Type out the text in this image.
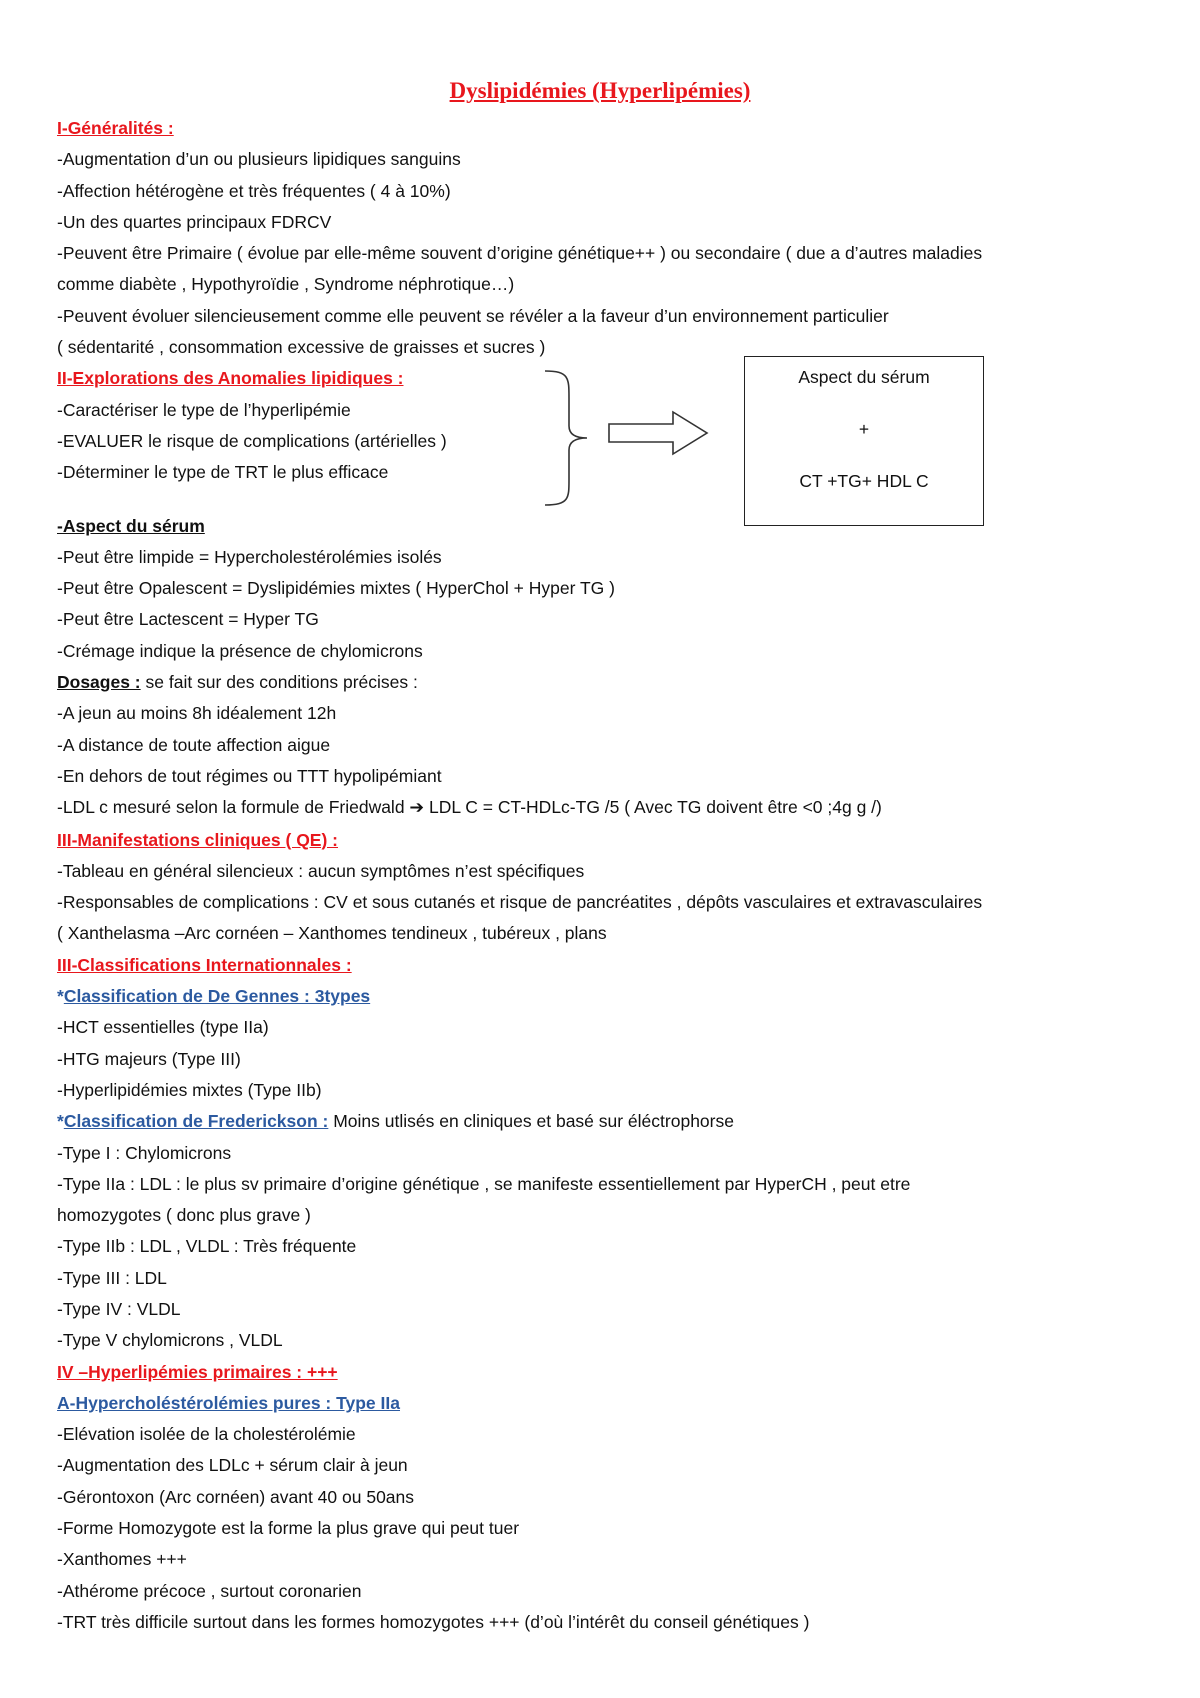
Dyslipidémies (Hyperlipémies)

I-Généralités :

-Augmentation d’un ou plusieurs lipidiques sanguins

-Affection hétérogène et très fréquentes ( 4 à 10%)

-Un des quartes principaux FDRCV

-Peuvent être Primaire ( évolue par elle-même souvent d’origine génétique++ ) ou secondaire ( due a d’autres maladies

comme diabète , Hypothyroïdie , Syndrome néphrotique…)

-Peuvent évoluer silencieusement comme elle peuvent se révéler a la faveur d’un environnement particulier

( sédentarité , consommation excessive de graisses et sucres )

II-Explorations des Anomalies lipidiques :

-Caractériser le type de l’hyperlipémie

-EVALUER le risque de complications (artérielles )

-Déterminer le type de TRT le plus efficace

-Aspect du sérum

-Peut être limpide = Hypercholestérolémies isolés

-Peut être Opalescent = Dyslipidémies mixtes ( HyperChol + Hyper TG )

-Peut être Lactescent = Hyper TG

-Crémage indique la présence de chylomicrons

Dosages : se fait sur des conditions précises :

-A jeun au moins 8h idéalement 12h

-A distance de toute affection aigue

-En dehors de tout régimes ou TTT hypolipémiant

-LDL c mesuré selon la formule de Friedwald ➔ LDL C = CT-HDLc-TG /5 ( Avec TG doivent être <0 ;4g g /)

III-Manifestations cliniques ( QE) :

-Tableau en général silencieux : aucun symptômes n’est spécifiques

-Responsables de complications : CV et sous cutanés et risque de pancréatites , dépôts vasculaires et extravasculaires

( Xanthelasma –Arc cornéen – Xanthomes tendineux , tubéreux , plans

III-Classifications Internationnales :

*Classification de De Gennes : 3types

-HCT essentielles (type IIa)

-HTG majeurs (Type III)

-Hyperlipidémies mixtes (Type IIb)

*Classification de Frederickson : Moins utlisés en cliniques et basé sur éléctrophorse

-Type I : Chylomicrons

-Type IIa : LDL : le plus sv primaire d’origine génétique , se manifeste essentiellement par HyperCH , peut etre

homozygotes ( donc plus grave )

-Type IIb : LDL , VLDL : Très fréquente

-Type III : LDL

-Type IV : VLDL

-Type V chylomicrons , VLDL

IV –Hyperlipémies primaires : +++

A-Hypercholéstérolémies pures : Type IIa

-Elévation isolée de la cholestérolémie

-Augmentation des LDLc + sérum clair à jeun

-Gérontoxon (Arc cornéen) avant 40 ou 50ans

-Forme Homozygote est la forme la plus grave qui peut tuer

-Xanthomes +++

-Athérome précoce , surtout coronarien

-TRT très difficile surtout dans les formes homozygotes +++ (d’où l’intérêt du conseil génétiques )

Aspect du sérum
+
CT +TG+ HDL C
